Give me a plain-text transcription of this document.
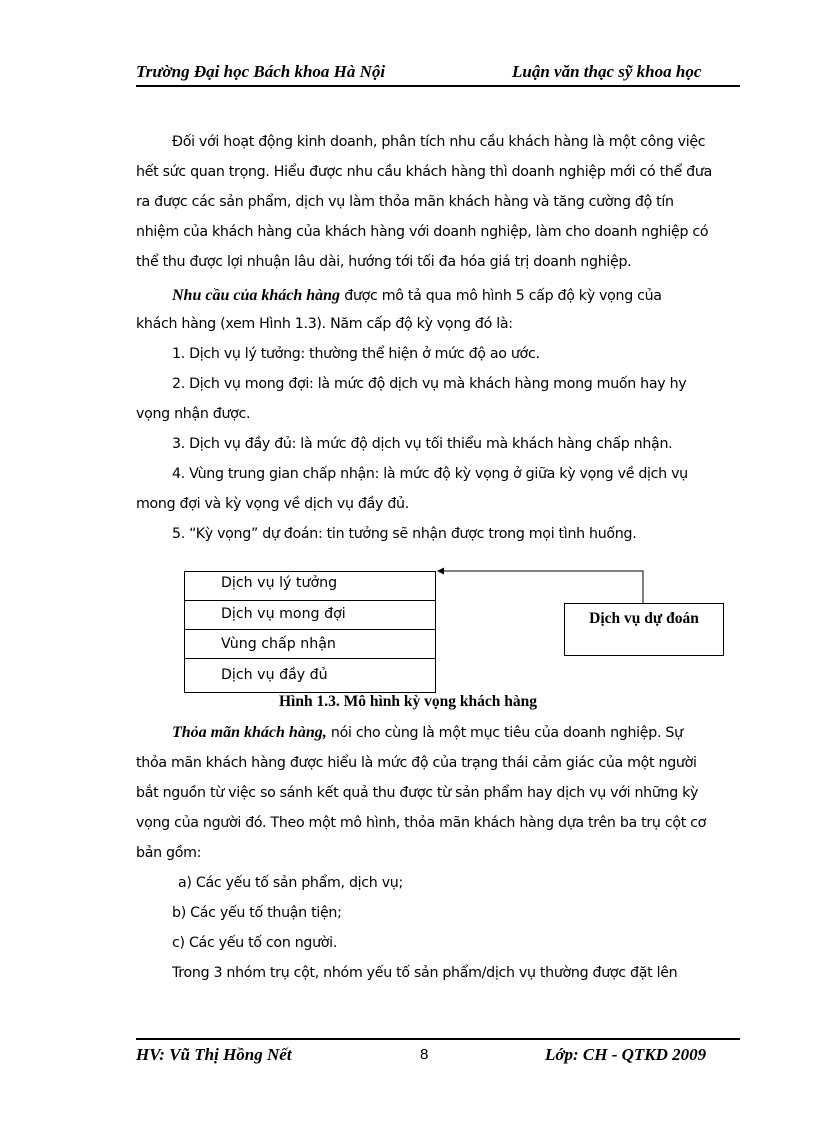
Trường Đại học Bách khoa Hà Nội	Luận văn thạc sỹ khoa học
Đối với hoạt động kinh doanh, phân tích nhu cầu khách hàng là một công việc
hết sức quan trọng. Hiểu được nhu cầu khách hàng thì doanh nghiệp mới có thể đưa
ra được các sản phẩm, dịch vụ làm thỏa mãn khách hàng và tăng cường độ tín
nhiệm của khách hàng của khách hàng với doanh nghiệp, làm cho doanh nghiệp có
thể thu được lợi nhuận lâu dài, hướng tới tối đa hóa giá trị doanh nghiệp.
Nhu cầu của khách hàng được mô tả qua mô hình 5 cấp độ kỳ vọng của
khách hàng (xem Hình 1.3). Năm cấp độ kỳ vọng đó là:
1. Dịch vụ lý tưởng: thường thể hiện ở mức độ ao ước.
2. Dịch vụ mong đợi: là mức độ dịch vụ mà khách hàng mong muốn hay hy
vọng nhận được.
3. Dịch vụ đầy đủ: là mức độ dịch vụ tối thiểu mà khách hàng chấp nhận.
4. Vùng trung gian chấp nhận: là mức độ kỳ vọng ở giữa kỳ vọng về dịch vụ
mong đợi và kỳ vọng về dịch vụ đầy đủ.
5. “Kỳ vọng” dự đoán: tin tưởng sẽ nhận được trong mọi tình huống.
Dịch vụ lý tưởng
Dịch vụ mong đợi
Vùng chấp nhận
Dịch vụ đầy đủ
Dịch vụ dự đoán
Hình 1.3. Mô hình kỳ vọng khách hàng
Thỏa mãn khách hàng, nói cho cùng là một mục tiêu của doanh nghiệp. Sự
thỏa mãn khách hàng được hiểu là mức độ của trạng thái cảm giác của một người
bắt nguồn từ việc so sánh kết quả thu được từ sản phẩm hay dịch vụ với những kỳ
vọng của người đó. Theo một mô hình, thỏa mãn khách hàng dựa trên ba trụ cột cơ
bản gồm:
a) Các yếu tố sản phẩm, dịch vụ;
b) Các yếu tố thuận tiện;
c) Các yếu tố con người.
Trong 3 nhóm trụ cột, nhóm yếu tố sản phẩm/dịch vụ thường được đặt lên
HV: Vũ Thị Hồng Nết	8	Lớp: CH - QTKD 2009
